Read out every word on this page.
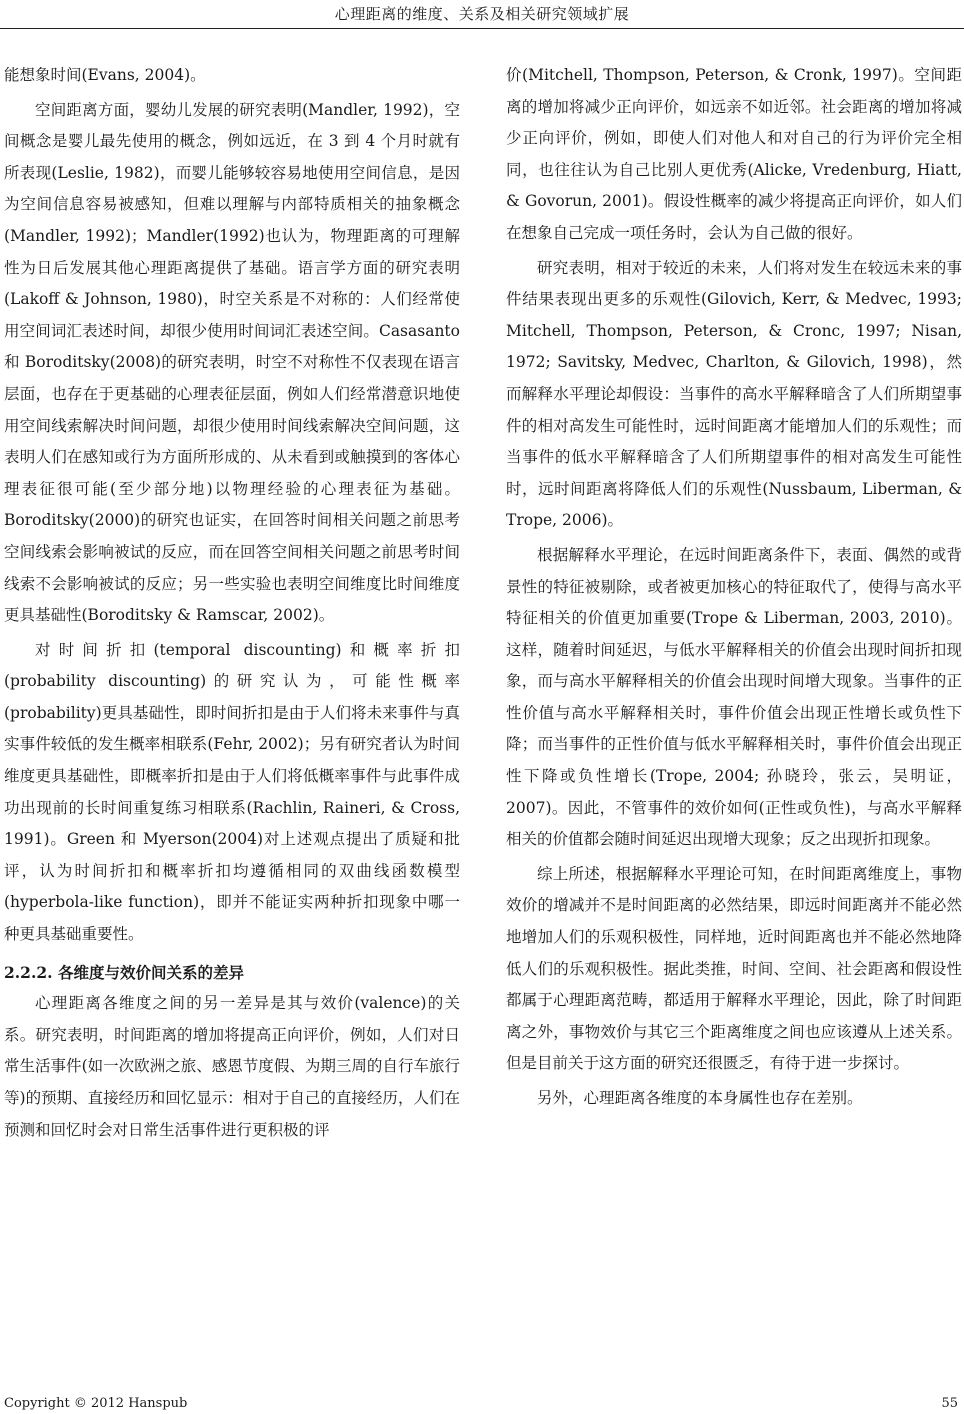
心理距离的维度、关系及相关研究领域扩展

能想象时间(Evans, 2004)。

空间距离方面，婴幼儿发展的研究表明(Mandler, 1992)，空间概念是婴儿最先使用的概念，例如远近，在 3 到 4 个月时就有所表现(Leslie, 1982)，而婴儿能够较容易地使用空间信息，是因为空间信息容易被感知，但难以理解与内部特质相关的抽象概念(Mandler, 1992)；Mandler(1992)也认为，物理距离的可理解性为日后发展其他心理距离提供了基础。语言学方面的研究表明(Lakoff & Johnson, 1980)，时空关系是不对称的：人们经常使用空间词汇表述时间，却很少使用时间词汇表述空间。Casasanto 和 Boroditsky(2008)的研究表明，时空不对称性不仅表现在语言层面，也存在于更基础的心理表征层面，例如人们经常潜意识地使用空间线索解决时间问题，却很少使用时间线索解决空间问题，这表明人们在感知或行为方面所形成的、从未看到或触摸到的客体心理表征很可能(至少部分地)以物理经验的心理表征为基础。Boroditsky(2000)的研究也证实，在回答时间相关问题之前思考空间线索会影响被试的反应，而在回答空间相关问题之前思考时间线索不会影响被试的反应；另一些实验也表明空间维度比时间维度更具基础性(Boroditsky & Ramscar, 2002)。

对时间折扣(temporal discounting)和概率折扣(probability discounting)的研究认为，可能性概率(probability)更具基础性，即时间折扣是由于人们将未来事件与真实事件较低的发生概率相联系(Fehr, 2002)；另有研究者认为时间维度更具基础性，即概率折扣是由于人们将低概率事件与此事件成功出现前的长时间重复练习相联系(Rachlin, Raineri, & Cross, 1991)。Green 和 Myerson(2004)对上述观点提出了质疑和批评，认为时间折扣和概率折扣均遵循相同的双曲线函数模型(hyperbola-like function)，即并不能证实两种折扣现象中哪一种更具基础重要性。

2.2.2. 各维度与效价间关系的差异

心理距离各维度之间的另一差异是其与效价(valence)的关系。研究表明，时间距离的增加将提高正向评价，例如，人们对日常生活事件(如一次欧洲之旅、感恩节度假、为期三周的自行车旅行等)的预期、直接经历和回忆显示：相对于自己的直接经历，人们在预测和回忆时会对日常生活事件进行更积极的评

价(Mitchell, Thompson, Peterson, & Cronk, 1997)。空间距离的增加将减少正向评价，如远亲不如近邻。社会距离的增加将减少正向评价，例如，即使人们对他人和对自己的行为评价完全相同，也往往认为自己比别人更优秀(Alicke, Vredenburg, Hiatt, & Govorun, 2001)。假设性概率的减少将提高正向评价，如人们在想象自己完成一项任务时，会认为自己做的很好。

研究表明，相对于较近的未来，人们将对发生在较远未来的事件结果表现出更多的乐观性(Gilovich, Kerr, & Medvec, 1993; Mitchell, Thompson, Peterson, & Cronc, 1997; Nisan, 1972; Savitsky, Medvec, Charlton, & Gilovich, 1998)，然而解释水平理论却假设：当事件的高水平解释暗含了人们所期望事件的相对高发生可能性时，远时间距离才能增加人们的乐观性；而当事件的低水平解释暗含了人们所期望事件的相对高发生可能性时，远时间距离将降低人们的乐观性(Nussbaum, Liberman, & Trope, 2006)。

根据解释水平理论，在远时间距离条件下，表面、偶然的或背景性的特征被剔除，或者被更加核心的特征取代了，使得与高水平特征相关的价值更加重要(Trope & Liberman, 2003, 2010)。这样，随着时间延迟，与低水平解释相关的价值会出现时间折扣现象，而与高水平解释相关的价值会出现时间增大现象。当事件的正性价值与高水平解释相关时，事件价值会出现正性增长或负性下降；而当事件的正性价值与低水平解释相关时，事件价值会出现正性下降或负性增长(Trope, 2004; 孙晓玲，张云，吴明证，2007)。因此，不管事件的效价如何(正性或负性)，与高水平解释相关的价值都会随时间延迟出现增大现象；反之出现折扣现象。

综上所述，根据解释水平理论可知，在时间距离维度上，事物效价的增减并不是时间距离的必然结果，即远时间距离并不能必然地增加人们的乐观积极性，同样地，近时间距离也并不能必然地降低人们的乐观积极性。据此类推，时间、空间、社会距离和假设性都属于心理距离范畴，都适用于解释水平理论，因此，除了时间距离之外，事物效价与其它三个距离维度之间也应该遵从上述关系。但是目前关于这方面的研究还很匮乏，有待于进一步探讨。

另外，心理距离各维度的本身属性也存在差别。

Copyright © 2012 Hanspub	55
